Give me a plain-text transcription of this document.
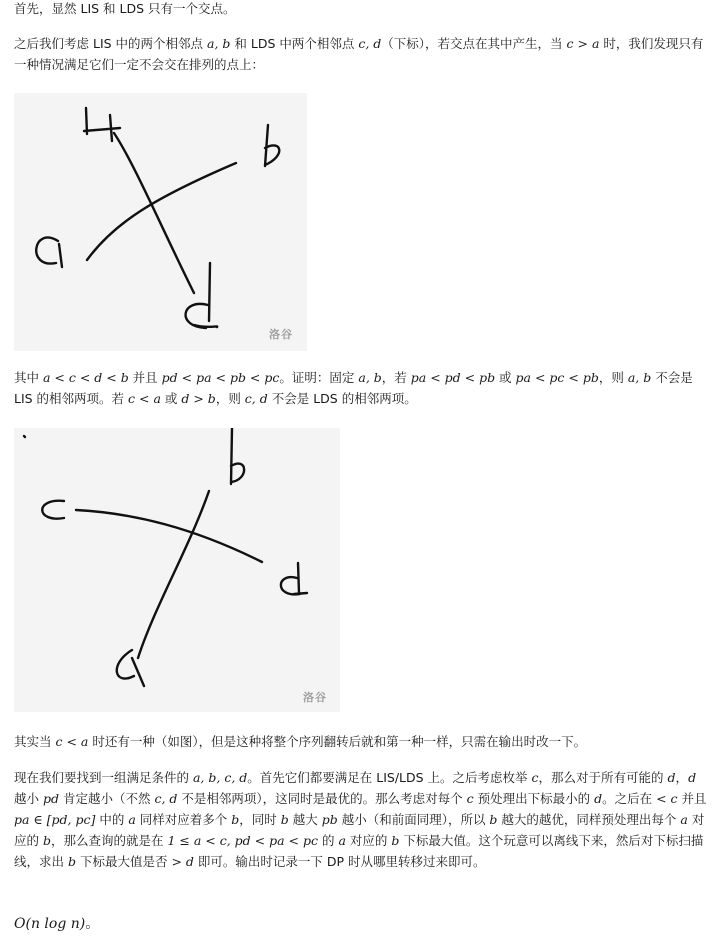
首先，显然 LIS 和 LDS 只有一个交点。

之后我们考虑 LIS 中的两个相邻点 a, b 和 LDS 中两个相邻点 c, d（下标），若交点在其中产生，当 c > a 时，我们发现只有一种情况满足它们一定不会交在排列的点上：

洛谷

其中 a < c < d < b 并且 pd < pa < pb < pc。证明：固定 a, b，若 pa < pd < pb 或 pa < pc < pb，则 a, b 不会是 LIS 的相邻两项。若 c < a 或 d > b，则 c, d 不会是 LDS 的相邻两项。

洛谷

其实当 c < a 时还有一种（如图），但是这种将整个序列翻转后就和第一种一样，只需在输出时改一下。

现在我们要找到一组满足条件的 a, b, c, d。首先它们都要满足在 LIS/LDS 上。之后考虑枚举 c，那么对于所有可能的 d，d 越小 pd 肯定越小（不然 c, d 不是相邻两项），这同时是最优的。那么考虑对每个 c 预处理出下标最小的 d。之后在 < c 并且 pa ∈ [pd, pc] 中的 a 同样对应着多个 b，同时 b 越大 pb 越小（和前面同理），所以 b 越大的越优，同样预处理出每个 a 对应的 b，那么查询的就是在 1 ≤ a < c, pd < pa < pc 的 a 对应的 b 下标最大值。这个玩意可以离线下来，然后对下标扫描线，求出 b 下标最大值是否 > d 即可。输出时记录一下 DP 时从哪里转移过来即可。

O(n log n)。
